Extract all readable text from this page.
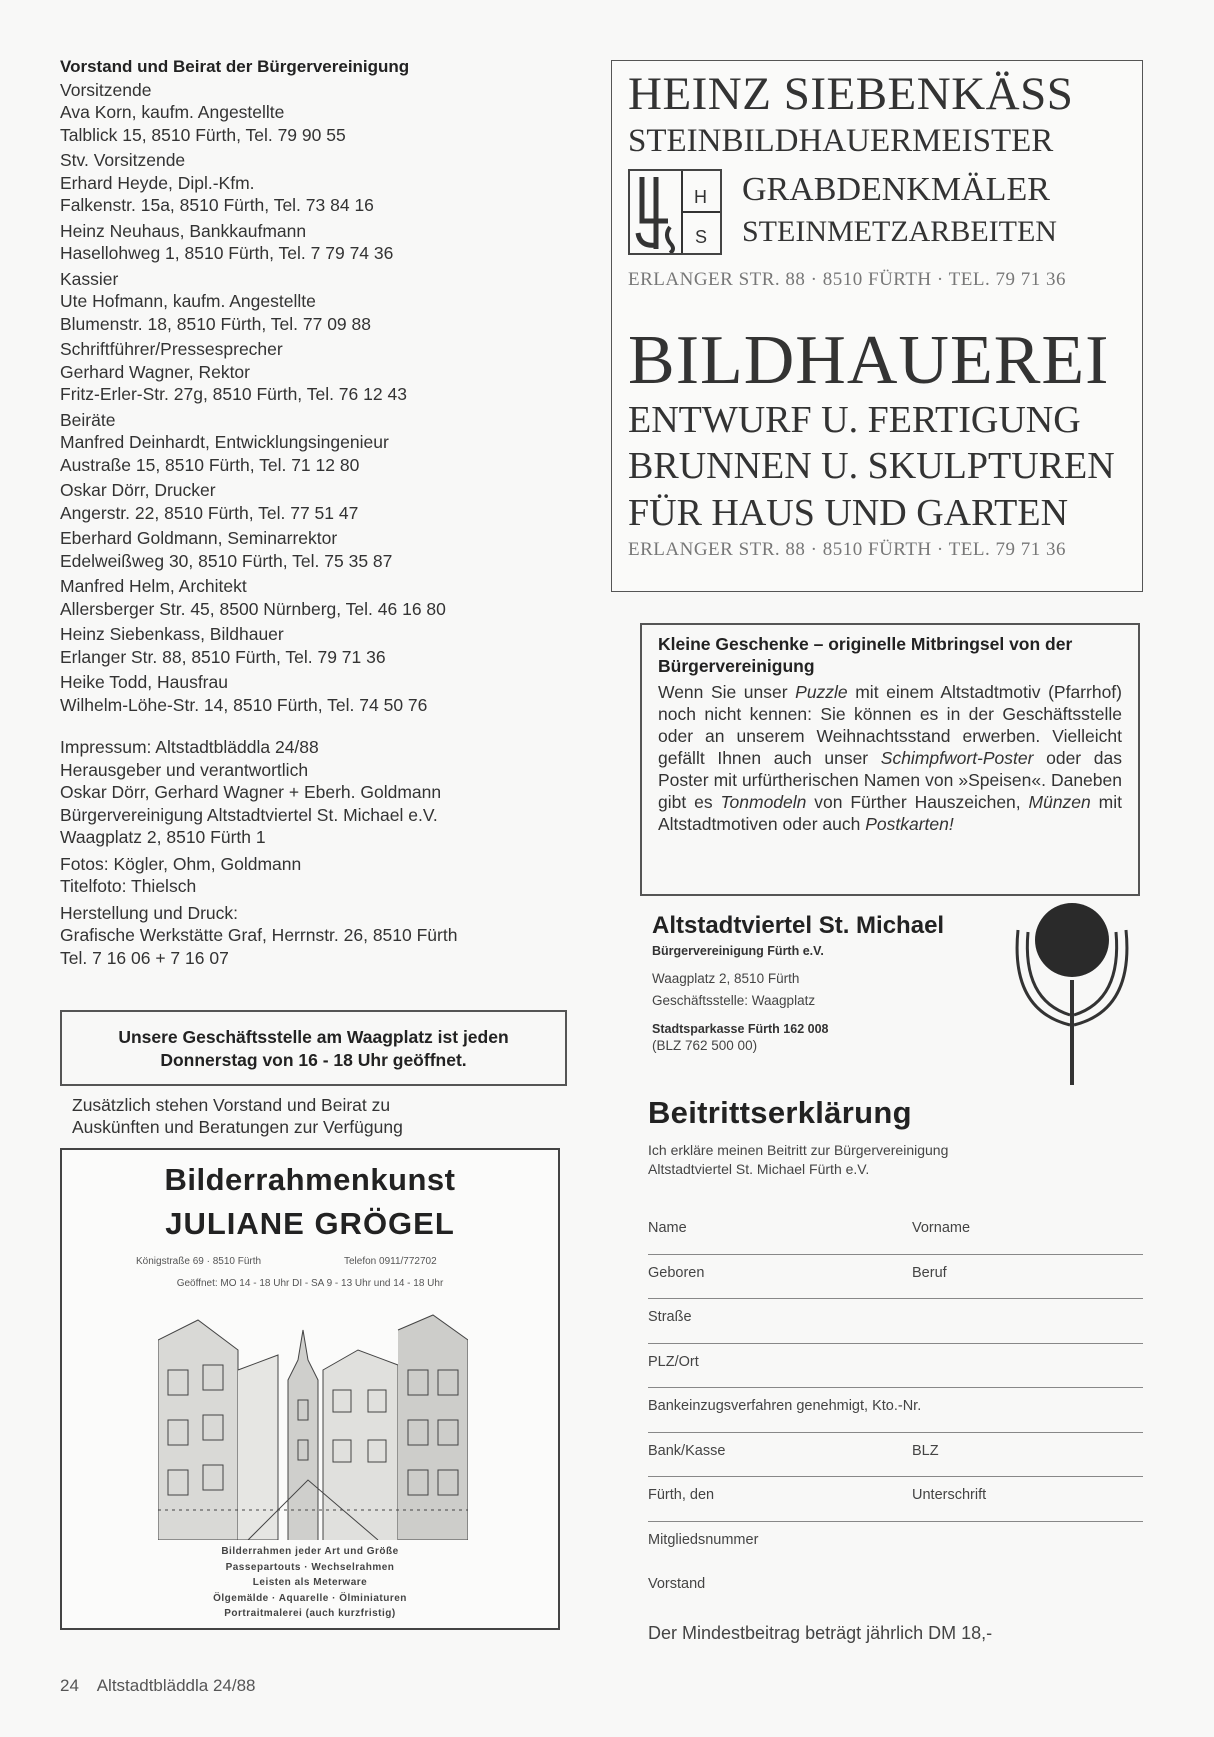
Vorstand und Beirat der Bürgervereinigung
Vorsitzende
Ava Korn, kaufm. Angestellte
Talblick 15, 8510 Fürth, Tel. 79 90 55
Stv. Vorsitzende
Erhard Heyde, Dipl.-Kfm.
Falkenstr. 15a, 8510 Fürth, Tel. 73 84 16
Heinz Neuhaus, Bankkaufmann
Hasellohweg 1, 8510 Fürth, Tel. 7 79 74 36
Kassier
Ute Hofmann, kaufm. Angestellte
Blumenstr. 18, 8510 Fürth, Tel. 77 09 88
Schriftführer/Pressesprecher
Gerhard Wagner, Rektor
Fritz-Erler-Str. 27g, 8510 Fürth, Tel. 76 12 43
Beiräte
Manfred Deinhardt, Entwicklungsingenieur
Austraße 15, 8510 Fürth, Tel. 71 12 80
Oskar Dörr, Drucker
Angerstr. 22, 8510 Fürth, Tel. 77 51 47
Eberhard Goldmann, Seminarrektor
Edelweißweg 30, 8510 Fürth, Tel. 75 35 87
Manfred Helm, Architekt
Allersberger Str. 45, 8500 Nürnberg, Tel. 46 16 80
Heinz Siebenkass, Bildhauer
Erlanger Str. 88, 8510 Fürth, Tel. 79 71 36
Heike Todd, Hausfrau
Wilhelm-Löhe-Str. 14, 8510 Fürth, Tel. 74 50 76
Impressum: Altstadtbläddla 24/88
Herausgeber und verantwortlich
Oskar Dörr, Gerhard Wagner + Eberh. Goldmann
Bürgervereinigung Altstadtviertel St. Michael e.V.
Waagplatz 2, 8510 Fürth 1
Fotos: Kögler, Ohm, Goldmann
Titelfoto: Thielsch
Herstellung und Druck:
Grafische Werkstätte Graf, Herrnstr. 26, 8510 Fürth
Tel. 7 16 06 + 7 16 07
Unsere Geschäftsstelle am Waagplatz ist jeden
Donnerstag von 16 - 18 Uhr geöffnet.
Zusätzlich stehen Vorstand und Beirat zu
Auskünften und Beratungen zur Verfügung
Bilderrahmenkunst
JULIANE GRÖGEL
Königstraße 69 · 8510 Fürth	Telefon 0911/772702
Geöffnet: MO 14 - 18 Uhr DI - SA 9 - 13 Uhr und 14 - 18 Uhr
Bilderrahmen jeder Art und Größe
Passepartouts · Wechselrahmen
Leisten als Meterware
Ölgemälde · Aquarelle · Ölminiaturen
Portraitmalerei (auch kurzfristig)
24 Altstadtbläddla 24/88
HEINZ SIEBENKÄSS
STEINBILDHAUERMEISTER
H
S
GRABDENKMÄLER
STEINMETZARBEITEN
ERLANGER STR. 88 · 8510 FÜRTH · TEL. 79 71 36
BILDHAUEREI
ENTWURF U. FERTIGUNG
BRUNNEN U. SKULPTUREN
FÜR HAUS UND GARTEN
ERLANGER STR. 88 · 8510 FÜRTH · TEL. 79 71 36
Kleine Geschenke – originelle Mitbringsel von der Bürgervereinigung

Wenn Sie unser Puzzle mit einem Altstadtmotiv (Pfarrhof) noch nicht kennen: Sie können es in der Geschäftsstelle oder an unserem Weihnachtsstand erwerben. Vielleicht gefällt Ihnen auch unser Schimpfwort-Poster oder das Poster mit urfürtherischen Namen von »Speisen«. Daneben gibt es Tonmodeln von Fürther Hauszeichen, Münzen mit Altstadtmotiven oder auch Postkarten!

Altstadtviertel St. Michael
Bürgervereinigung Fürth e.V.
Waagplatz 2, 8510 Fürth
Geschäftsstelle: Waagplatz
Stadtsparkasse Fürth 162 008
(BLZ 762 500 00)
Beitrittserklärung
Ich erkläre meinen Beitritt zur Bürgervereinigung
Altstadtviertel St. Michael Fürth e.V.
Name	Vorname
Geboren	Beruf
Straße
PLZ/Ort
Bankeinzugsverfahren genehmigt, Kto.-Nr.
Bank/Kasse	BLZ
Fürth, den	Unterschrift
Mitgliedsnummer
Vorstand
Der Mindestbeitrag beträgt jährlich DM 18,-
